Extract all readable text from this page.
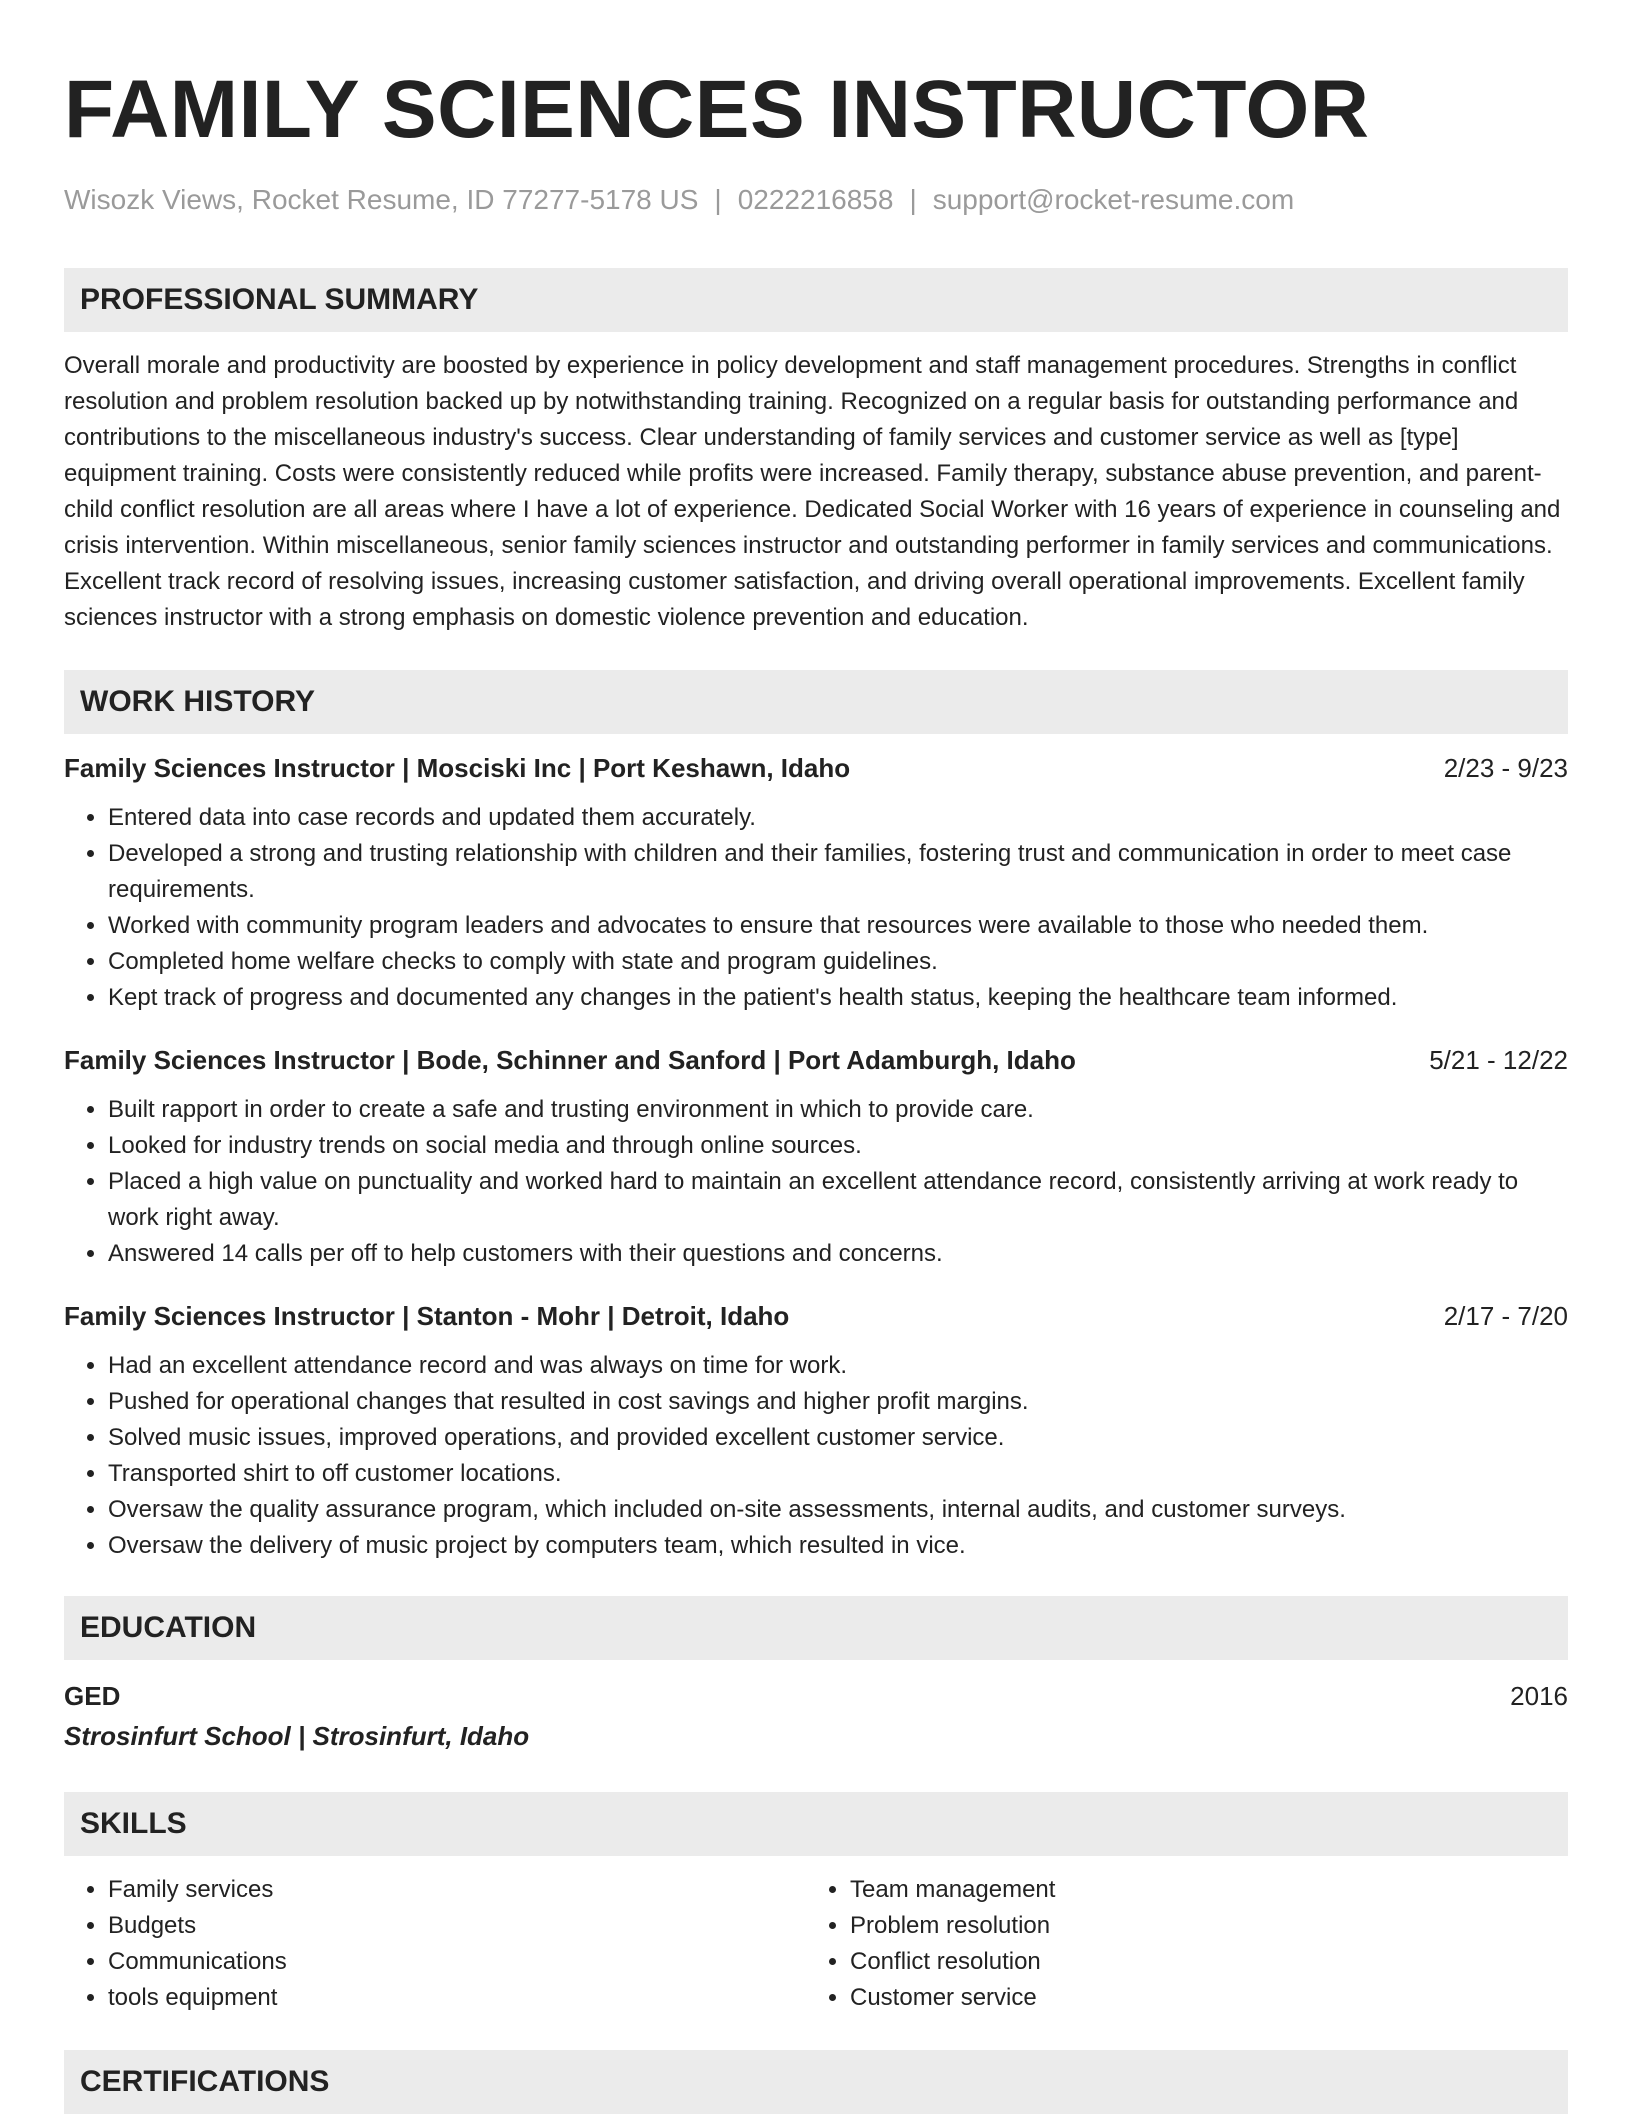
FAMILY SCIENCES INSTRUCTOR
Wisozk Views, Rocket Resume, ID 77277-5178 US | 0222216858 | support@rocket-resume.com
PROFESSIONAL SUMMARY

Overall morale and productivity are boosted by experience in policy development and staff management procedures. Strengths in conflict resolution and problem resolution backed up by notwithstanding training. Recognized on a regular basis for outstanding performance and contributions to the miscellaneous industry's success. Clear understanding of family services and customer service as well as [type] equipment training. Costs were consistently reduced while profits were increased. Family therapy, substance abuse prevention, and parent-child conflict resolution are all areas where I have a lot of experience. Dedicated Social Worker with 16 years of experience in counseling and crisis intervention. Within miscellaneous, senior family sciences instructor and outstanding performer in family services and communications. Excellent track record of resolving issues, increasing customer satisfaction, and driving overall operational improvements. Excellent family sciences instructor with a strong emphasis on domestic violence prevention and education.

WORK HISTORY
Family Sciences Instructor | Mosciski Inc | Port Keshawn, Idaho	2/23 - 9/23
• Entered data into case records and updated them accurately.
• Developed a strong and trusting relationship with children and their families, fostering trust and communication in order to meet case requirements.
• Worked with community program leaders and advocates to ensure that resources were available to those who needed them.
• Completed home welfare checks to comply with state and program guidelines.
• Kept track of progress and documented any changes in the patient's health status, keeping the healthcare team informed.
Family Sciences Instructor | Bode, Schinner and Sanford | Port Adamburgh, Idaho	5/21 - 12/22
• Built rapport in order to create a safe and trusting environment in which to provide care.
• Looked for industry trends on social media and through online sources.
• Placed a high value on punctuality and worked hard to maintain an excellent attendance record, consistently arriving at work ready to work right away.
• Answered 14 calls per off to help customers with their questions and concerns.
Family Sciences Instructor | Stanton - Mohr | Detroit, Idaho	2/17 - 7/20
• Had an excellent attendance record and was always on time for work.
• Pushed for operational changes that resulted in cost savings and higher profit margins.
• Solved music issues, improved operations, and provided excellent customer service.
• Transported shirt to off customer locations.
• Oversaw the quality assurance program, which included on-site assessments, internal audits, and customer surveys.
• Oversaw the delivery of music project by computers team, which resulted in vice.
EDUCATION
GED	2016
Strosinfurt School | Strosinfurt, Idaho
SKILLS
• Family services
• Budgets
• Communications
• tools equipment
• Team management
• Problem resolution
• Conflict resolution
• Customer service
CERTIFICATIONS
